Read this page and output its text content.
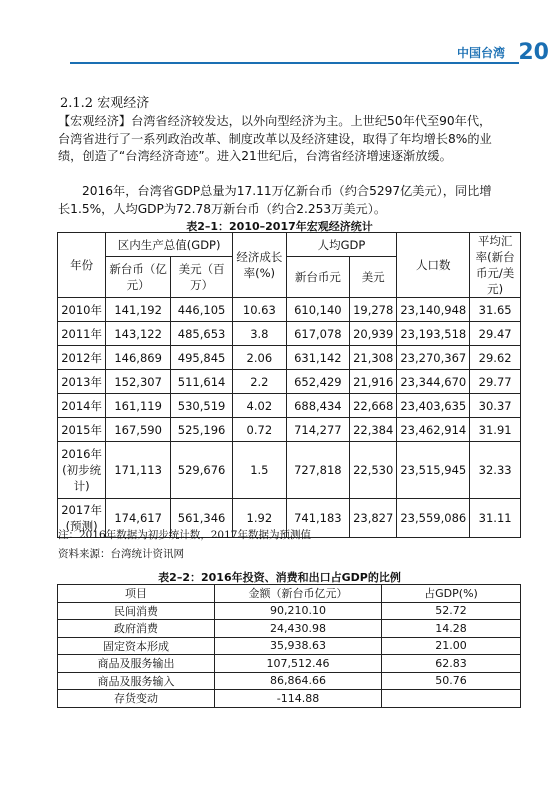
中国台湾 20
2.1.2 宏观经济
【宏观经济】台湾省经济较发达，以外向型经济为主。上世纪50年代至90年代，台湾省进行了一系列政治改革、制度改革以及经济建设，取得了年均增长8%的业绩，创造了“台湾经济奇迹”。进入21世纪后，台湾省经济增速逐渐放缓。
2016年，台湾省GDP总量为17.11万亿新台币（约合5297亿美元），同比增长1.5%，人均GDP为72.78万新台币（约合2.253万美元）。
表2–1：2010–2017年宏观经济统计
年份	区内生产总值(GDP)		经济成长率(%)	人均GDP		人口数	平均汇率(新台币元/美元)
	新台币（亿元）	美元（百万）		新台币元	美元		
2010年	141,192	446,105	10.63	610,140	19,278	23,140,948	31.65
2011年	143,122	485,653	3.8	617,078	20,939	23,193,518	29.47
2012年	146,869	495,845	2.06	631,142	21,308	23,270,367	29.62
2013年	152,307	511,614	2.2	652,429	21,916	23,344,670	29.77
2014年	161,119	530,519	4.02	688,434	22,668	23,403,635	30.37
2015年	167,590	525,196	0.72	714,277	22,384	23,462,914	31.91
2016年(初步统计)	171,113	529,676	1.5	727,818	22,530	23,515,945	32.33
2017年(预测)	174,617	561,346	1.92	741,183	23,827	23,559,086	31.11
注：2016年数据为初步统计数，2017年数据为预测值
资料来源：台湾统计资讯网
表2–2：2016年投资、消费和出口占GDP的比例
项目	金额（新台币亿元）	占GDP(%)
民间消费	90,210.10	52.72
政府消费	24,430.98	14.28
固定资本形成	35,938.63	21.00
商品及服务输出	107,512.46	62.83
商品及服务输入	86,864.66	50.76
存货变动	-114.88	
